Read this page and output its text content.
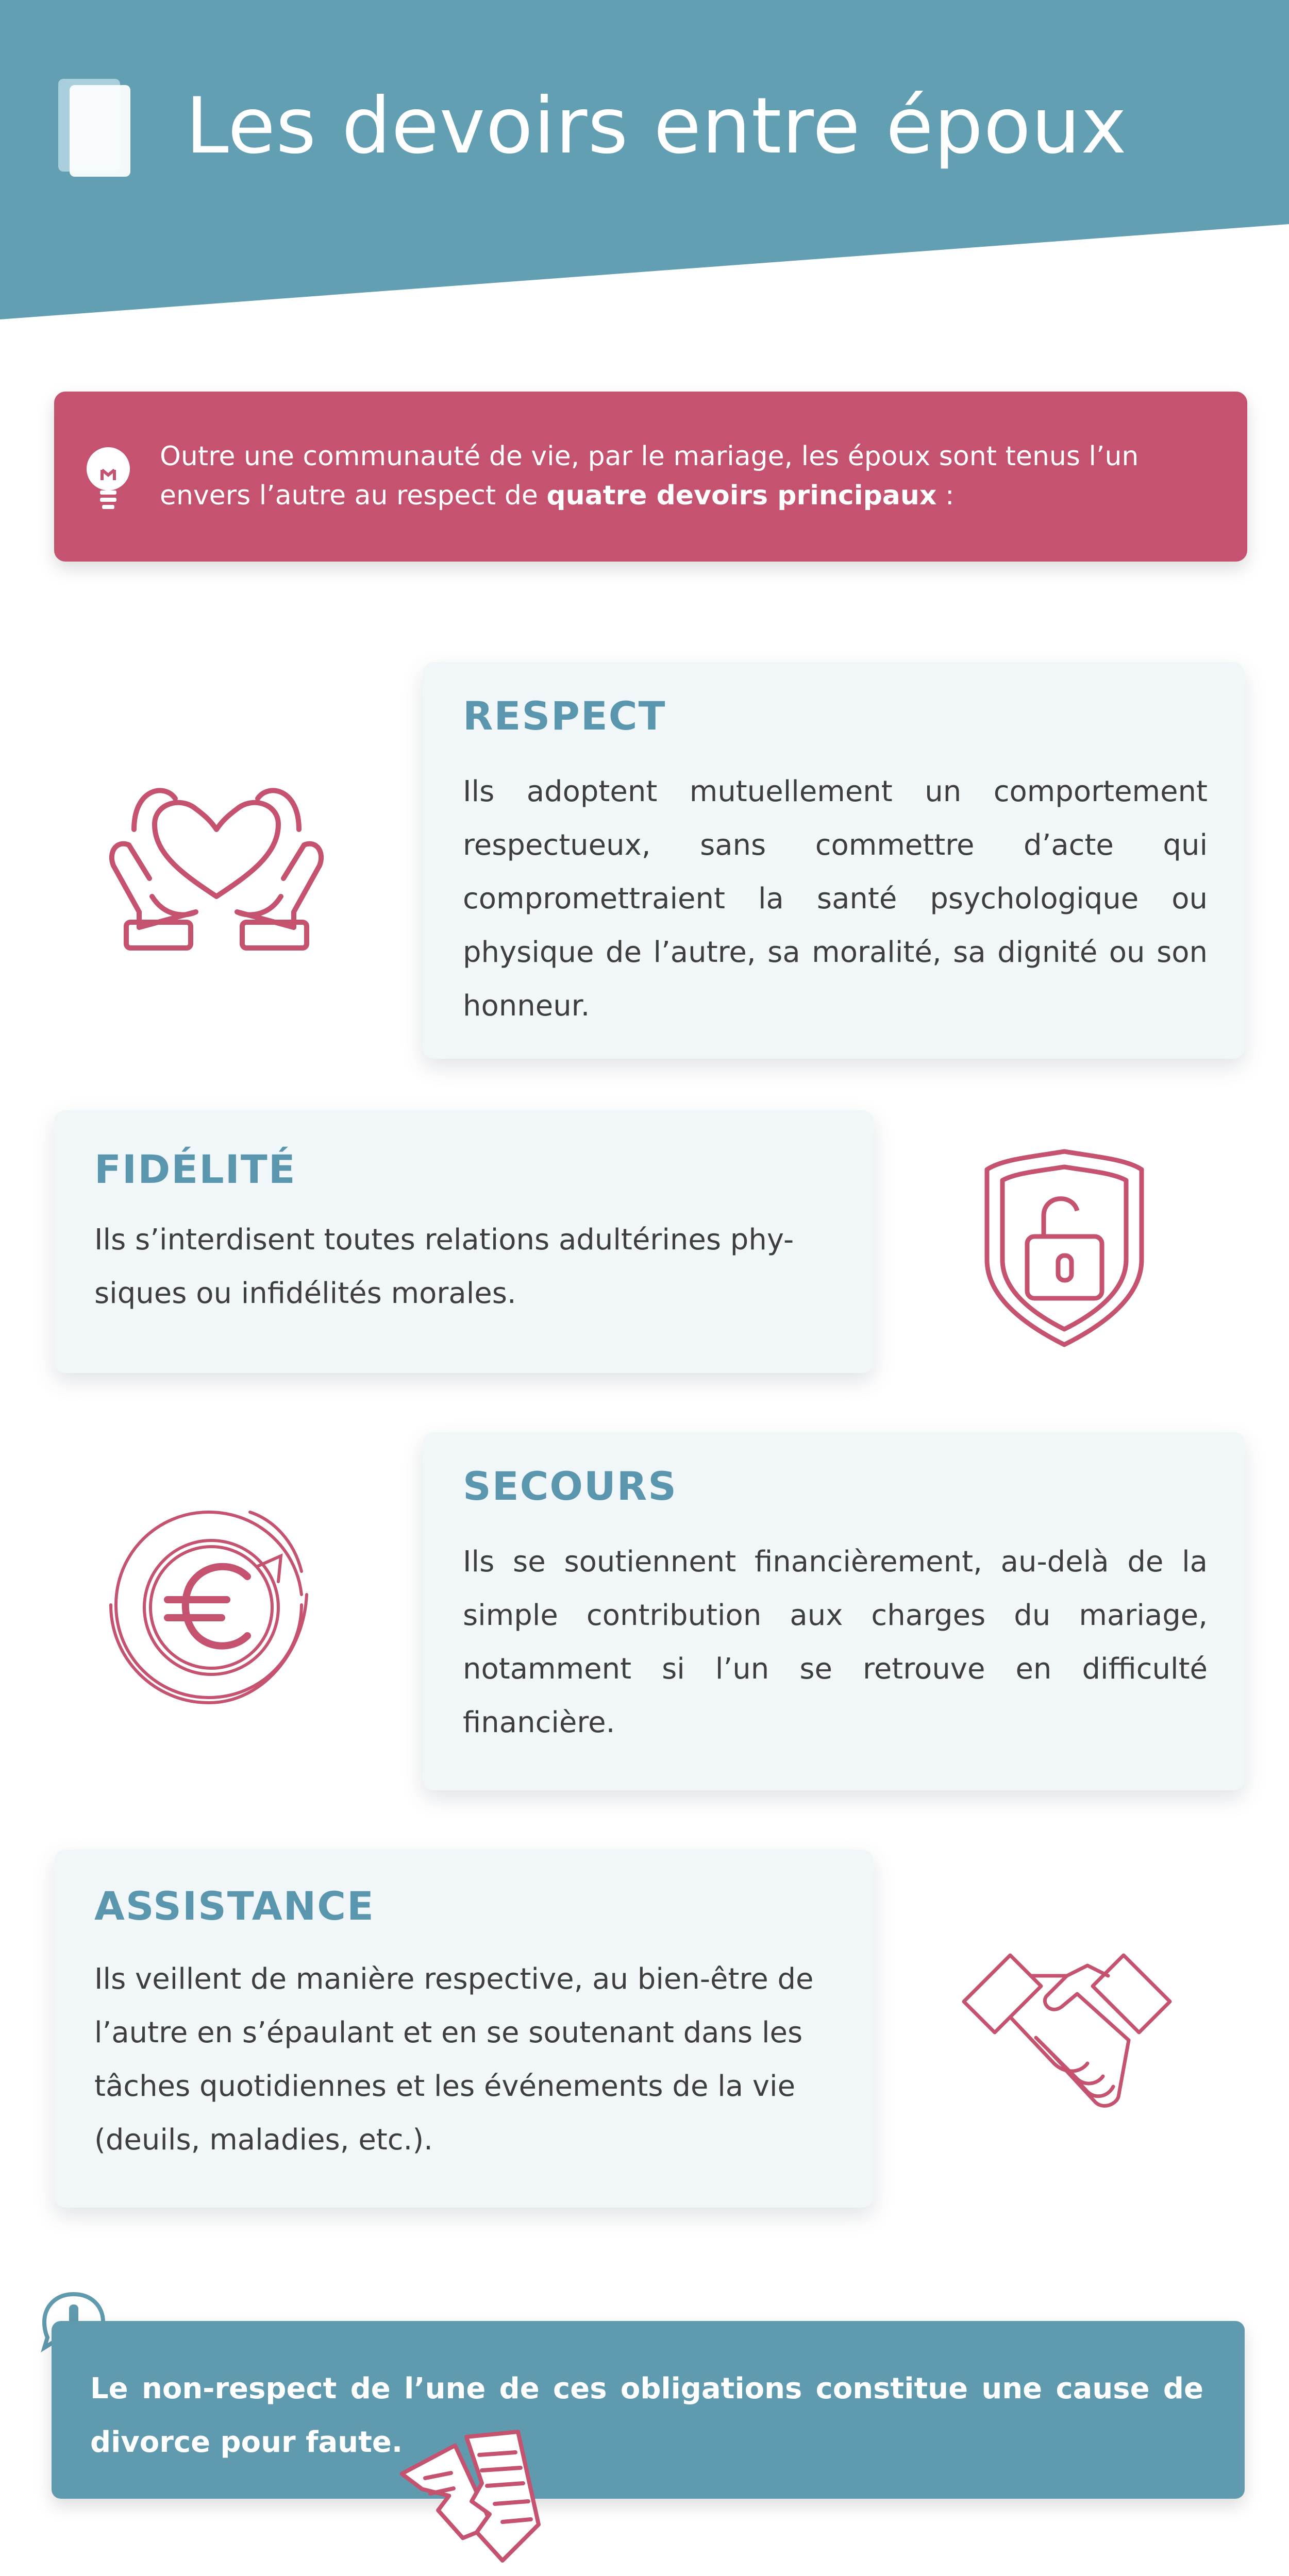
Les devoirs entre époux
Outre une communauté de vie, par le mariage, les époux sont tenus l’un envers l’autre au respect de quatre devoirs principaux :
RESPECT
Ils adoptent mutuellement un comportement respectueux, sans commettre d’acte qui compromettraient la santé psychologique ou physique de l’autre, sa moralité, sa dignité ou son honneur.
FIDÉLITÉ
Ils s’interdisent toutes relations adultérines phy-siques ou infidélités morales.
SECOURS
Ils se soutiennent financièrement, au-delà de la simple contribution aux charges du mariage, notamment si l’un se retrouve en difficulté financière.
ASSISTANCE
Ils veillent de manière respective, au bien-être de l’autre en s’épaulant et en se soutenant dans les tâches quotidiennes et les événements de la vie (deuils, maladies, etc.).
Le non-respect de l’une de ces obligations constitue une cause de divorce pour faute.
